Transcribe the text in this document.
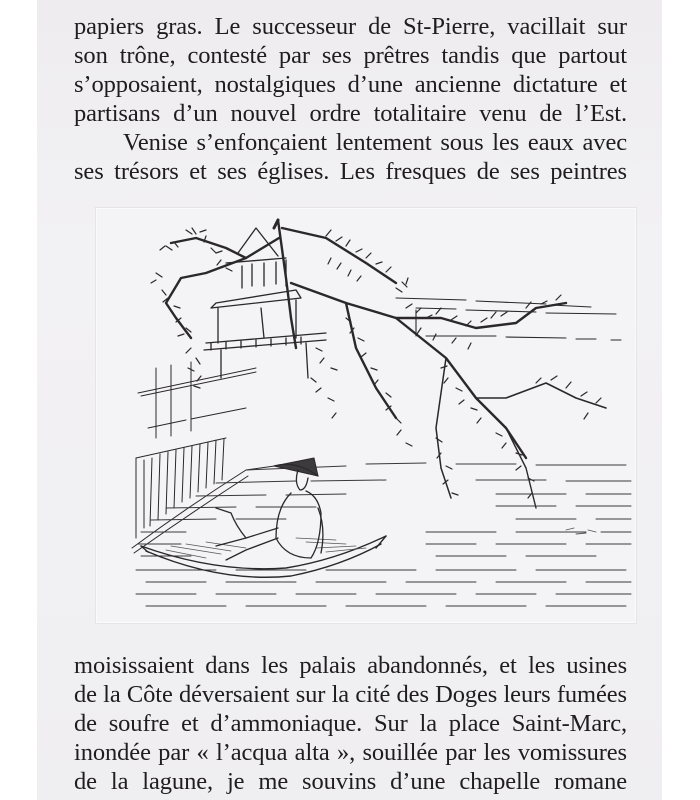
papiers gras. Le successeur de St-Pierre, vacillait sur
son trône, contesté par ses prêtres tandis que partout
s’opposaient, nostalgiques d’une ancienne dictature et
partisans d’un nouvel ordre totalitaire venu de l’Est.
Venise s’enfonçaient lentement sous les eaux avec
ses trésors et ses églises. Les fresques de ses peintres
moisissaient dans les palais abandonnés, et les usines
de la Côte déversaient sur la cité des Doges leurs fumées
de soufre et d’ammoniaque. Sur la place Saint-Marc,
inondée par « l’acqua alta », souillée par les vomissures
de la lagune, je me souvins d’une chapelle romane
